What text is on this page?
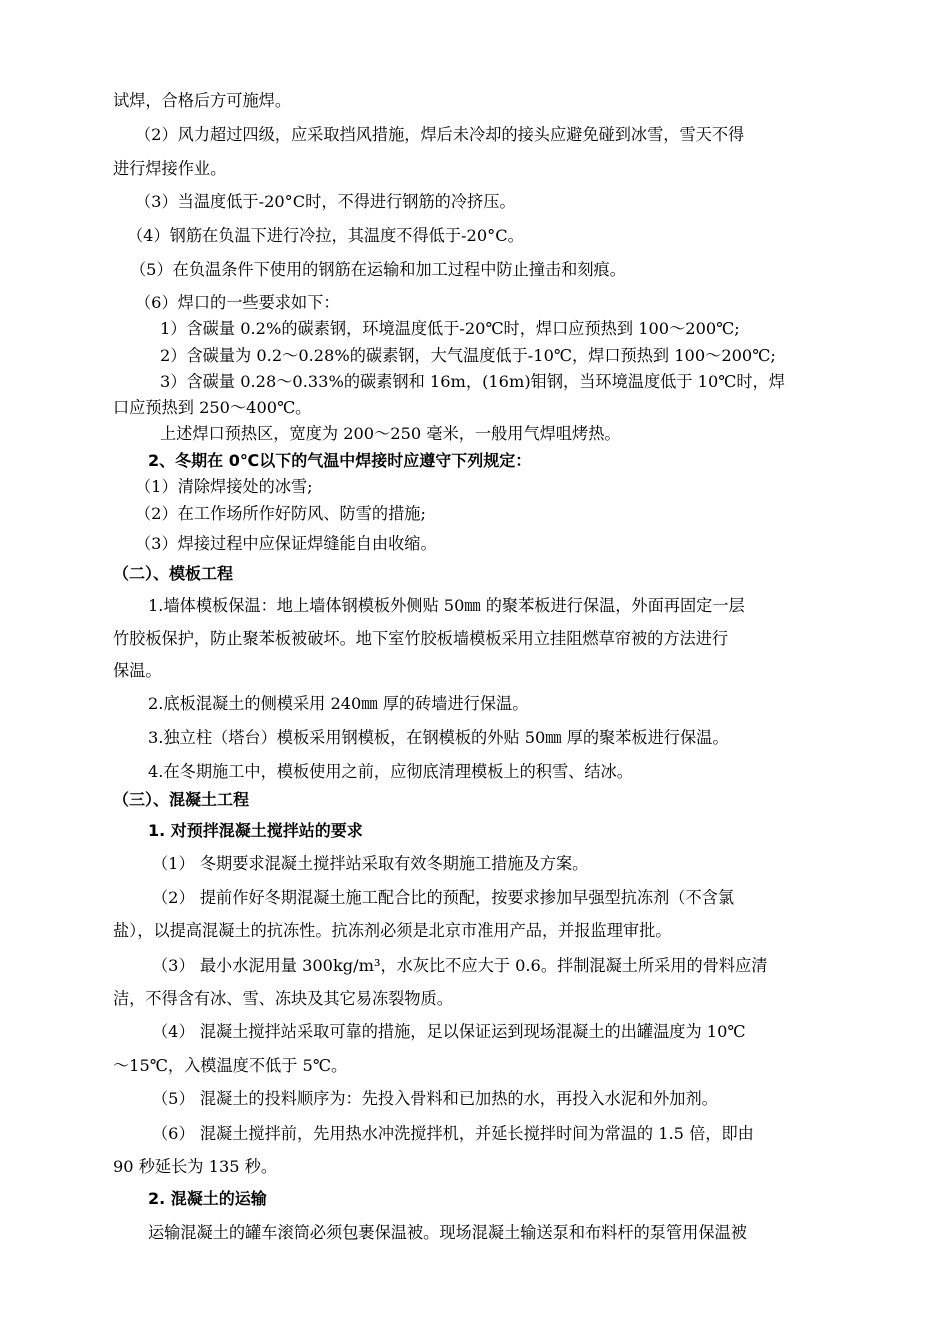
试焊，合格后方可施焊。
（2）风力超过四级，应采取挡风措施，焊后未冷却的接头应避免碰到冰雪，雪天不得
进行焊接作业。
（3）当温度低于-20°C时，不得进行钢筋的冷挤压。
（4）钢筋在负温下进行冷拉，其温度不得低于-20°C。
（5）在负温条件下使用的钢筋在运输和加工过程中防止撞击和刻痕。
（6）焊口的一些要求如下：
1）含碳量 0.2%的碳素钢，环境温度低于-20℃时，焊口应预热到 100～200℃;
2）含碳量为 0.2～0.28%的碳素钢，大气温度低于-10℃，焊口预热到 100～200℃;
3）含碳量 0.28～0.33%的碳素钢和 16m，(16m)钼钢，当环境温度低于 10℃时，焊
口应预热到 250～400℃。
上述焊口预热区，宽度为 200～250 毫米，一般用气焊咀烤热。
2、冬期在 0℃以下的气温中焊接时应遵守下列规定：
（1）清除焊接处的冰雪;
（2）在工作场所作好防风、防雪的措施;
（3）焊接过程中应保证焊缝能自由收缩。
（二）、模板工程
1.墙体模板保温：地上墙体钢模板外侧贴 50㎜ 的聚苯板进行保温，外面再固定一层
竹胶板保护，防止聚苯板被破坏。地下室竹胶板墙模板采用立挂阻燃草帘被的方法进行
保温。
2.底板混凝土的侧模采用 240㎜ 厚的砖墙进行保温。
3.独立柱（塔台）模板采用钢模板，在钢模板的外贴 50㎜ 厚的聚苯板进行保温。
4.在冬期施工中，模板使用之前，应彻底清理模板上的积雪、结冰。
（三）、混凝土工程
1. 对预拌混凝土搅拌站的要求
（1） 冬期要求混凝土搅拌站采取有效冬期施工措施及方案。
（2） 提前作好冬期混凝土施工配合比的预配，按要求掺加早强型抗冻剂（不含氯
盐），以提高混凝土的抗冻性。抗冻剂必须是北京市准用产品，并报监理审批。
（3） 最小水泥用量 300kg/m³，水灰比不应大于 0.6。拌制混凝土所采用的骨料应清
洁，不得含有冰、雪、冻块及其它易冻裂物质。
（4） 混凝土搅拌站采取可靠的措施，足以保证运到现场混凝土的出罐温度为 10℃
～15℃，入模温度不低于 5℃。
（5） 混凝土的投料顺序为：先投入骨料和已加热的水，再投入水泥和外加剂。
（6） 混凝土搅拌前，先用热水冲洗搅拌机，并延长搅拌时间为常温的 1.5 倍，即由
90 秒延长为 135 秒。
2. 混凝土的运输
运输混凝土的罐车滚筒必须包裹保温被。现场混凝土输送泵和布料杆的泵管用保温被
